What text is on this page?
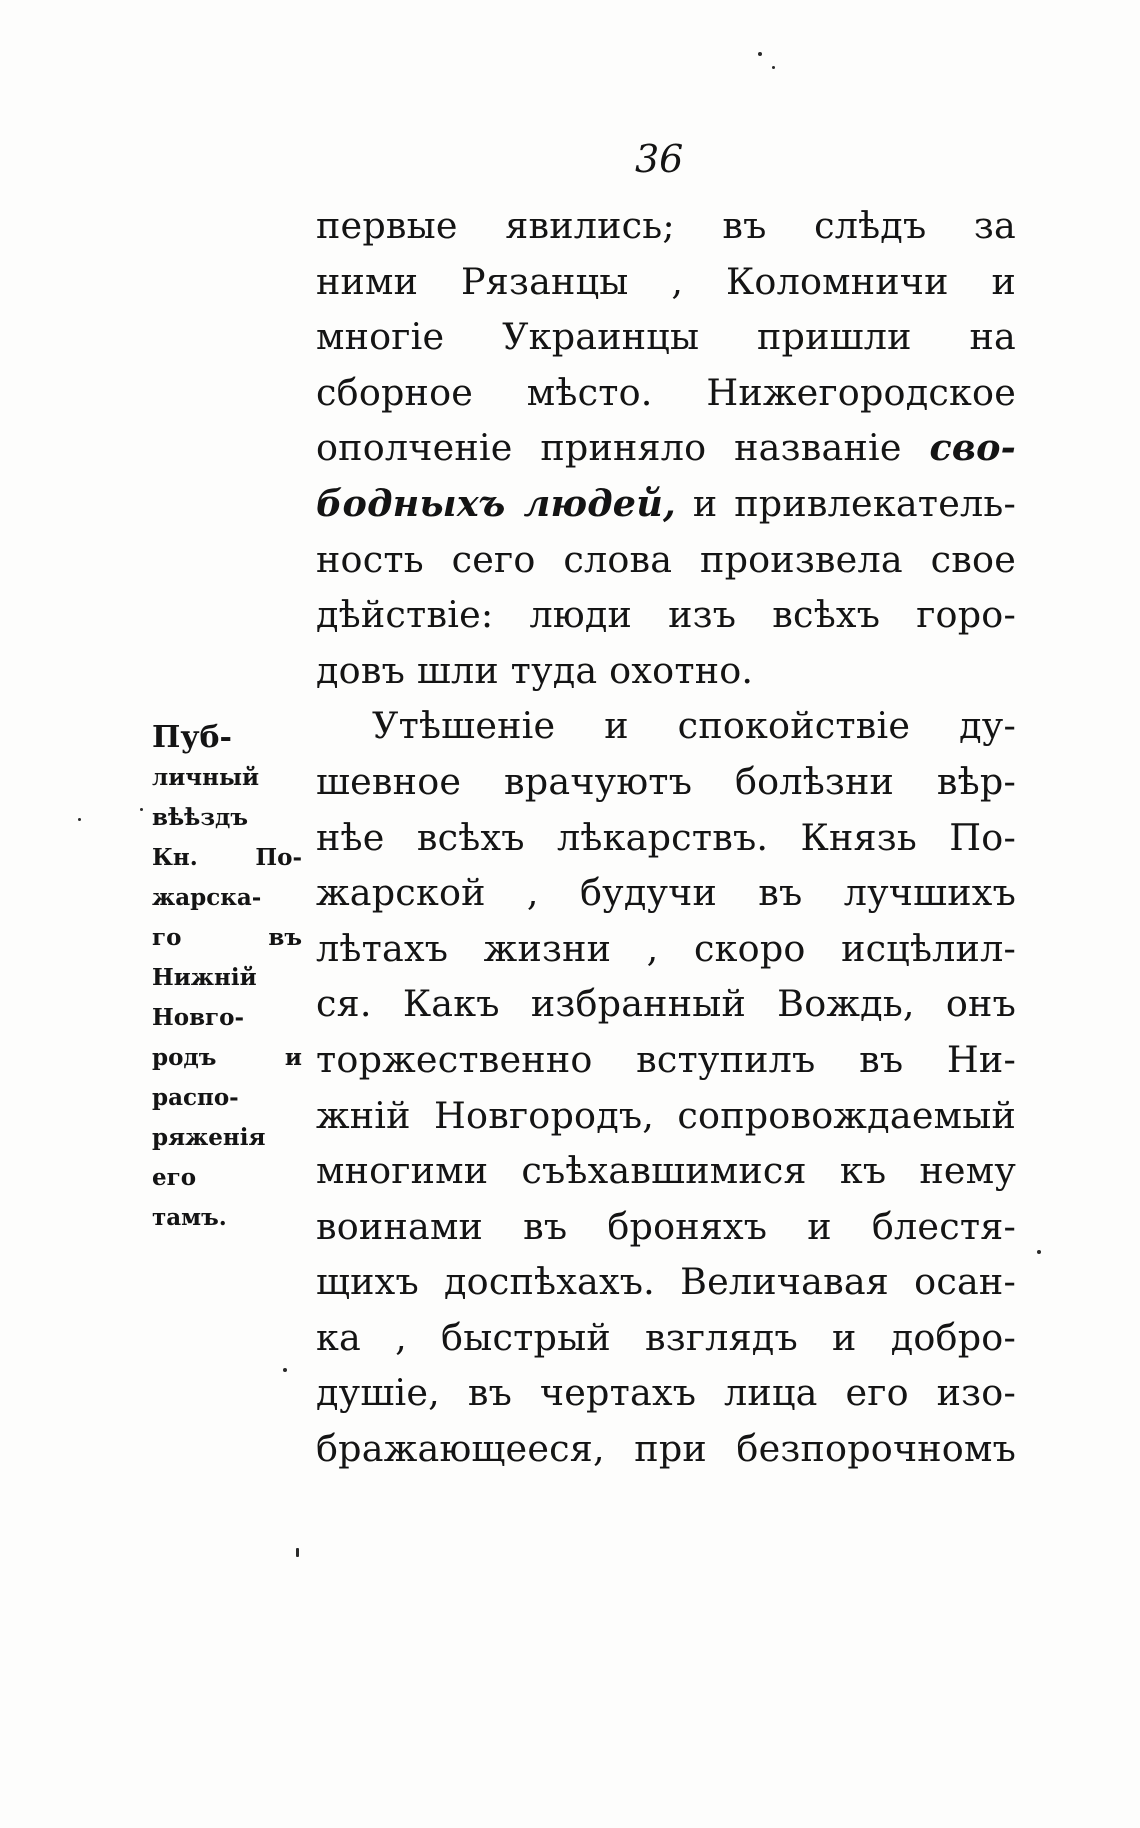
36
первые явились; въ слѣдъ за
ними Рязанцы , Коломничи и
многіе Украинцы пришли на
сборное мѣсто. Нижегородское
ополченіе приняло названіе сво-
бодныхъ людей, и привлекатель-
ность сего слова произвела свое
дѣйствіе: люди изъ всѣхъ горо-
довъ шли туда охотно.
Утѣшеніе и спокойствіе ду-
шевное врачуютъ болѣзни вѣр-
нѣе всѣхъ лѣкарствъ. Князь По-
жарской , будучи въ лучшихъ
лѣтахъ жизни , скоро исцѣлил-
ся. Какъ избранный Вождь, онъ
торжественно вступилъ въ Ни-
жній Новгородъ, сопровождаемый
многими съѣхавшимися къ нему
воинами въ броняхъ и блестя-
щихъ доспѣхахъ. Величавая осан-
ка , быстрый взглядъ и добро-
душіе, въ чертахъ лица его изо-
бражающееся, при безпорочномъ
Пуб-
личный
вѣѣздъ
Кн. По-
жарска-
го въ
Нижній
Новго-
родъ и
распо-
ряженія
его
тамъ.
